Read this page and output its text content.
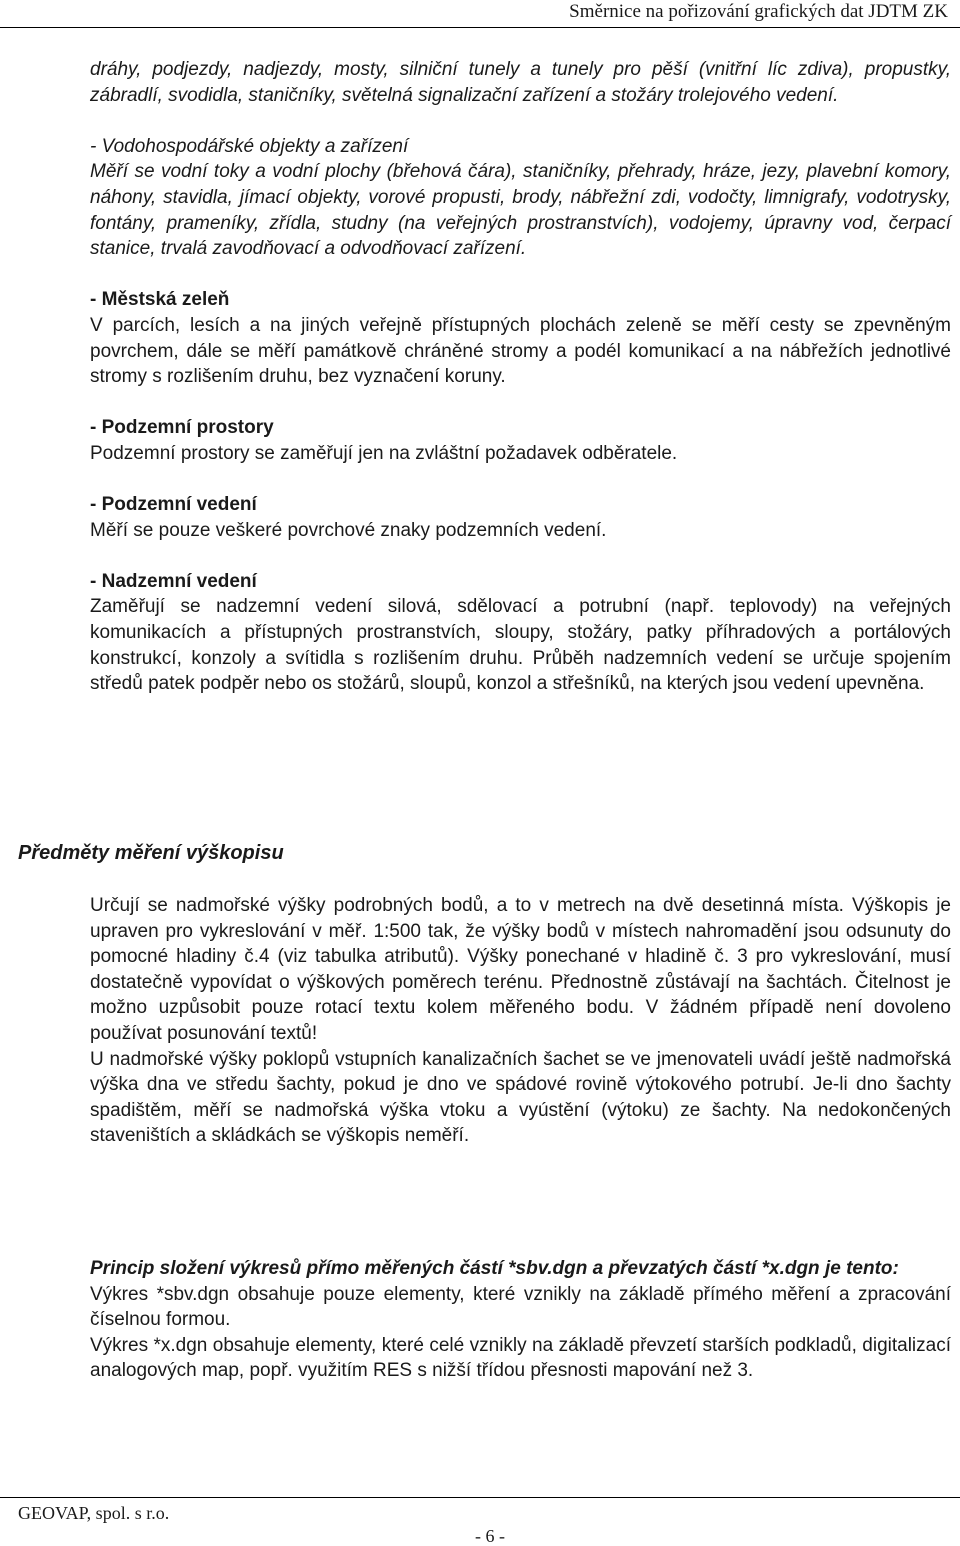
Směrnice na pořizování grafických dat JDTM ZK

dráhy, podjezdy, nadjezdy, mosty, silniční tunely a tunely pro pěší (vnitřní líc zdiva), propustky, zábradlí, svodidla, staničníky, světelná signalizační zařízení a stožáry trolejového vedení.

- Vodohospodářské objekty a zařízení

Měří se vodní toky a vodní plochy (břehová čára), staničníky, přehrady, hráze, jezy, plavební komory, náhony, stavidla, jímací objekty, vorové propusti, brody, nábřežní zdi, vodočty, limnigrafy, vodotrysky, fontány, prameníky, zřídla, studny (na veřejných prostranstvích), vodojemy, úpravny vod, čerpací stanice, trvalá zavodňovací a odvodňovací zařízení.

- Městská zeleň

V parcích, lesích a na jiných veřejně přístupných plochách zeleně se měří cesty se zpevněným povrchem, dále se měří památkově chráněné stromy a podél komunikací a na nábřežích jednotlivé stromy s rozlišením druhu, bez vyznačení koruny.

- Podzemní prostory

Podzemní prostory se zaměřují jen na zvláštní požadavek odběratele.

- Podzemní vedení

Měří se pouze veškeré povrchové znaky podzemních vedení.

- Nadzemní vedení

Zaměřují se nadzemní vedení silová, sdělovací a potrubní (např. teplovody) na veřejných komunikacích a přístupných prostranstvích, sloupy, stožáry, patky příhradových a portálových konstrukcí, konzoly a svítidla s rozlišením druhu. Průběh nadzemních vedení se určuje spojením středů patek podpěr nebo os stožárů, sloupů, konzol a střešníků, na kterých jsou vedení upevněna.

Předměty měření výškopisu

Určují se nadmořské výšky podrobných bodů, a to v metrech na dvě desetinná místa. Výškopis je upraven pro vykreslování v měř. 1:500 tak, že výšky bodů v místech nahromadění jsou odsunuty do pomocné hladiny č.4 (viz tabulka atributů). Výšky ponechané v hladině č. 3 pro vykreslování, musí dostatečně vypovídat o výškových poměrech terénu. Přednostně zůstávají na šachtách. Čitelnost je možno uzpůsobit pouze rotací textu kolem měřeného bodu. V žádném případě není dovoleno používat posunování textů!

U nadmořské výšky poklopů vstupních kanalizačních šachet se ve jmenovateli uvádí ještě nadmořská výška dna ve středu šachty, pokud je dno ve spádové rovině výtokového potrubí. Je-li dno šachty spadištěm, měří se nadmořská výška vtoku a vyústění (výtoku) ze šachty. Na nedokončených staveništích a skládkách se výškopis neměří.

Princip složení výkresů přímo měřených částí *sbv.dgn a převzatých částí *x.dgn je tento:

Výkres *sbv.dgn obsahuje pouze elementy, které vznikly na základě přímého měření a zpracování číselnou formou.

Výkres *x.dgn obsahuje elementy, které celé vznikly na základě převzetí starších podkladů, digitalizací analogových map, popř. využitím RES s nižší třídou přesnosti mapování než 3.

GEOVAP, spol. s r.o.
- 6 -
